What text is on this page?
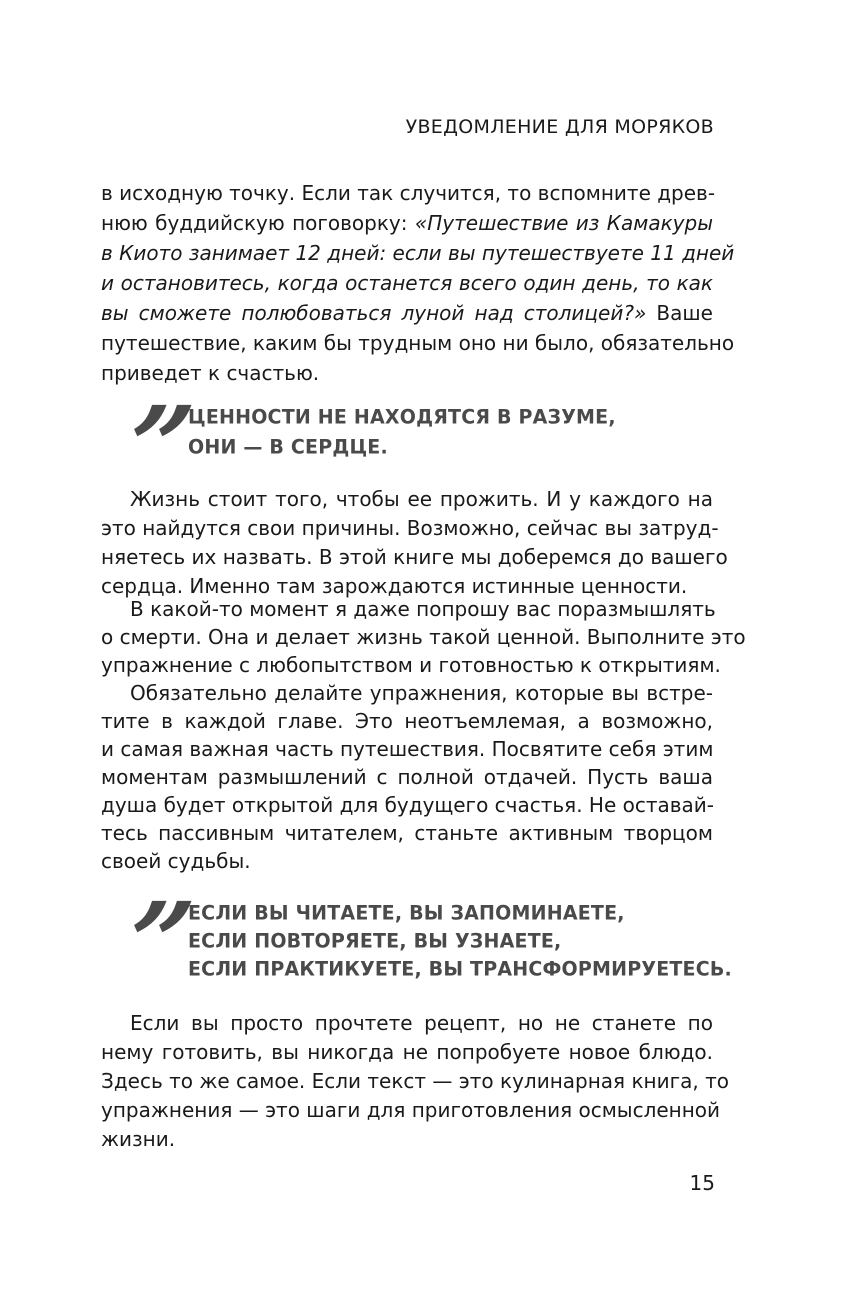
УВЕДОМЛЕНИЕ ДЛЯ МОРЯКОВ
в исходную точку. Если так случится, то вспомните древ-
нюю буддийскую поговорку: «Путешествие из Камакуры
в Киото занимает 12 дней: если вы путешествуете 11 дней
и остановитесь, когда останется всего один день, то как
вы сможете полюбоваться луной над столицей?» Ваше
путешествие, каким бы трудным оно ни было, обязательно
приведет к счастью.
”
ЦЕННОСТИ НЕ НАХОДЯТСЯ В РАЗУМЕ,
ОНИ — В СЕРДЦЕ.
Жизнь стоит того, чтобы ее прожить. И у каждого на
это найдутся свои причины. Возможно, сейчас вы затруд-
няетесь их назвать. В этой книге мы доберемся до вашего
сердца. Именно там зарождаются истинные ценности.
В какой-то момент я даже попрошу вас поразмышлять
о смерти. Она и делает жизнь такой ценной. Выполните это
упражнение с любопытством и готовностью к открытиям.
Обязательно делайте упражнения, которые вы встре-
тите в каждой главе. Это неотъемлемая, а возможно,
и самая важная часть путешествия. Посвятите себя этим
моментам размышлений с полной отдачей. Пусть ваша
душа будет открытой для будущего счастья. Не оставай-
тесь пассивным читателем, станьте активным творцом
своей судьбы.
”
ЕСЛИ ВЫ ЧИТАЕТЕ, ВЫ ЗАПОМИНАЕТЕ,
ЕСЛИ ПОВТОРЯЕТЕ, ВЫ УЗНАЕТЕ,
ЕСЛИ ПРАКТИКУЕТЕ, ВЫ ТРАНСФОРМИРУЕТЕСЬ.
Если вы просто прочтете рецепт, но не станете по
нему готовить, вы никогда не попробуете новое блюдо.
Здесь то же самое. Если текст — это кулинарная книга, то
упражнения — это шаги для приготовления осмысленной
жизни.
15
